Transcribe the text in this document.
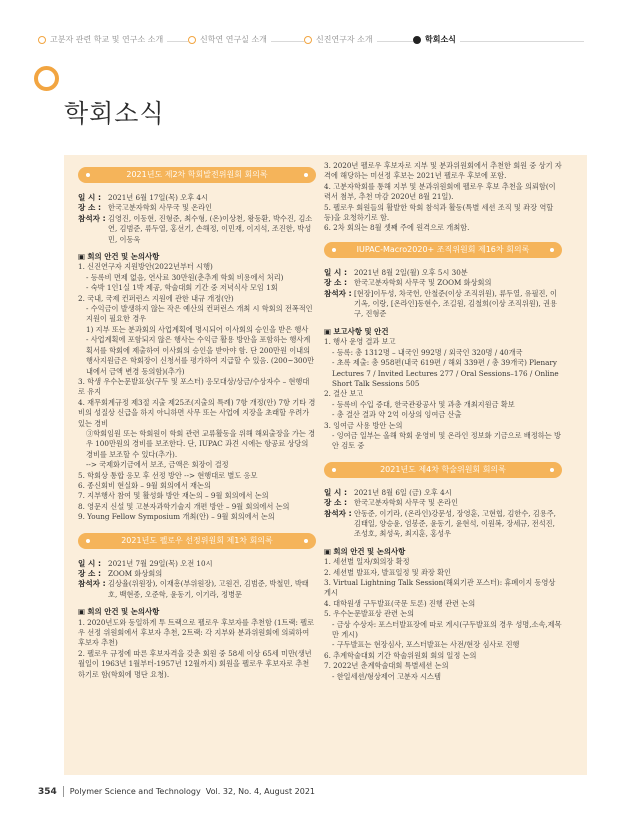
고분자 관련 학교 및 연구소 소개	신학연 연구실 소개	신진연구자 소개	학회소식
학회소식
2021년도 제2차 학회발전위원회 회의록
일 시 : 2021년 6월 17일(목) 오후 4시
장 소 : 한국고분자학회 사무국 및 온라인
참석자 : 김영진, 이동현, 진형준, 최수형, (온)이상천, 왕동환, 박수진, 김소연, 김범준, 류두열, 홍선기, 손해정, 이민재, 이지석, 조진한, 박성민, 이동욱
▣ 회의 안건 및 논의사항
1. 신진연구자 지원방안(2022년부터 시행)
- 등록비 면제 없음, 연사료 30만원(춘추계 학회 비용에서 처리)
- 숙박 1인1실 1박 제공, 학술대회 기간 중 저녁식사 모임 1회
2. 국내, 국제 컨퍼런스 지원에 관한 내규 개정(안)
- 수익금이 발생하지 않는 작은 예산의 컨퍼런스 개최 시 학회의 전폭적인 지원이 필요한 경우
1) 지부 또는 분과회의 사업계획에 명시되어 이사회의 승인을 받은 행사
- 사업계획에 포함되지 않은 행사는 수익금 활용 방안을 포함하는 행사계획서를 학회에 제출하여 이사회의 승인을 받아야 함. 단 200만원 이내의 행사지원금은 학회장이 신청서를 평가하여 지급할 수 있음. (200~300만 내에서 금액 변경 동의함)(추가)
3. 학생 우수논문발표상(구두 및 포스터) 응모대상/상금/수상자수 – 현행대로 유지
4. 재무회계규정 제3절 지출 제25조(지출의 특례) 7항 개정(안) 7항 기타 경비의 성질상 신급을 하지 아니하면 사무 또는 사업에 지장을 초래할 우려가 있는 경비
③학회임원 또는 학회원이 학회 관련 교류활동을 위해 해외출장을 가는 경우 100만원의 경비를 보조한다. 단, IUPAC 과견 시에는 항공료 상당의 경비를 보조할 수 있다(추가).
--> 국제화기금에서 보조, 금액은 회장이 결정
5. 학회상 통합 응모 후 선정 방안 --> 현행대로 별도 응모
6. 종신회비 현실화 – 9월 회의에서 재논의
7. 지부행사 참여 및 활성화 방안 재논의 – 9월 회의에서 논의
8. 영문지 신설 및 고분자과학기술지 개편 방안 – 9월 회의에서 논의
9. Young Fellow Symposium 개최(안) – 9월 회의에서 논의
2021년도 펠로우 선정위원회 제1차 회의록
일 시 : 2021년 7월 29일(목) 오전 10시
장 소 : ZOOM 화상회의
참석자 : 김상율(위원장), 이재흥(부위원장), 고원건, 김범준, 박철민, 박태호, 백현종, 오준학, 윤동기, 이기라, 정병문
▣ 회의 안건 및 논의사항
1. 2020년도와 동일하게 투 트랙으로 펠로우 후보자를 추천함 (1트랙: 펠로우 선정 위원회에서 후보자 추천, 2트랙: 각 지부와 분과위원회에 의뢰하여 후보자 추천)
2. 펠로우 규정에 따른 후보자격을 갖춘 회원 중 58세 이상 65세 미만(생년월일이 1963년 1월부터-1957년 12월까지) 회원을 펠로우 후보자로 추천하기로 함(학회에 명단 요청).
3. 2020년 펠로우 후보자로 지부 및 분과위원회에서 추천한 회원 중 상기 자격에 해당하는 미선정 후보는 2021년 펠로우 후보에 포함.
4. 고분자학회를 통해 지부 및 분과위원회에 펠로우 후보 추천을 의뢰함(이력서 첨부, 추천 마감 2020년 8월 21일).
5. 펠로우 회원들의 활발한 학회 참석과 활동(특별 세션 조직 및 좌장 역할 등)을 요청하기로 함.
6. 2차 회의는 8월 셋째 주에 원격으로 개최함.
IUPAC-Macro2020+ 조직위원회 제16차 회의록
일 시 : 2021년 8월 2일(월) 오후 5시 30분
장 소 : 한국고분자학회 사무국 및 ZOOM 화상회의
참석자 : [현장]이두성, 차국헌, 안철준(이상 조직위원), 류두열, 유필진, 이기옥, 이랑, [온라인]동현수, 조길원, 김철희(이상 조직위원), 권용구, 진형준
▣ 보고사항 및 안건
1. 행사 운영 결과 보고
- 등록: 총 1312명 – 내국인 992명 / 외국인 320명 / 40개국
- 초록 제출: 총 958편(내국 619편 / 해외 339편 / 총 39개국) Plenary Lectures 7 / Invited Lectures 277 / Oral Sessions–176 / Online Short Talk Sessions 505
2. 결산 보고
- 등록비 수입 증대, 한국관광공사 및 과총 개최지원금 확보
- 총 결산 결과 약 2억 이상의 잉여금 산출
3. 잉여금 사용 방안 논의
- 잉여금 일부는 올해 학회 운영비 및 온라인 정보화 기금으로 배정하는 방안 검토 중
2021년도 제4차 학술위원회 회의록
일 시 : 2021년 8월 6일 (금) 오후 4시
장 소 : 한국고분자학회 사무국 및 온라인
참석자 : 안동준, 이기라, (온라인)강문성, 장영훈, 고현협, 김한수, 김용주, 김태일, 양승윤, 엄봉준, 윤동기, 윤현석, 이원복, 장세규, 전석진, 조성호, 최성욱, 최지훈, 홍성우
▣ 회의 안건 및 논의사항
1. 세션별 일자/회의장 확정
2. 세션별 발표자, 발표일정 및 좌장 확인
3. Virtual Lightning Talk Session(해외기관 포스터): 휴폐이지 동영상 게시
4. 대학원생 구두발표(국문 토론) 진행 관련 논의
5. 우수논문발표상 관련 논의
- 금상 수상자: 포스터발표장에 따로 게시(구두발표의 경우 성명,소속,제목만 게시)
- 구두발표는 현장심사, 포스터발표는 사전/현장 심사로 진행
6. 추계학술대회 기간 학술위원회 회의 일정 논의
7. 2022년 춘계학술대회 특별세션 논의
- 한일세션/형상제어 고분자 시스템
354 Polymer Science and Technology Vol. 32, No. 4, August 2021
